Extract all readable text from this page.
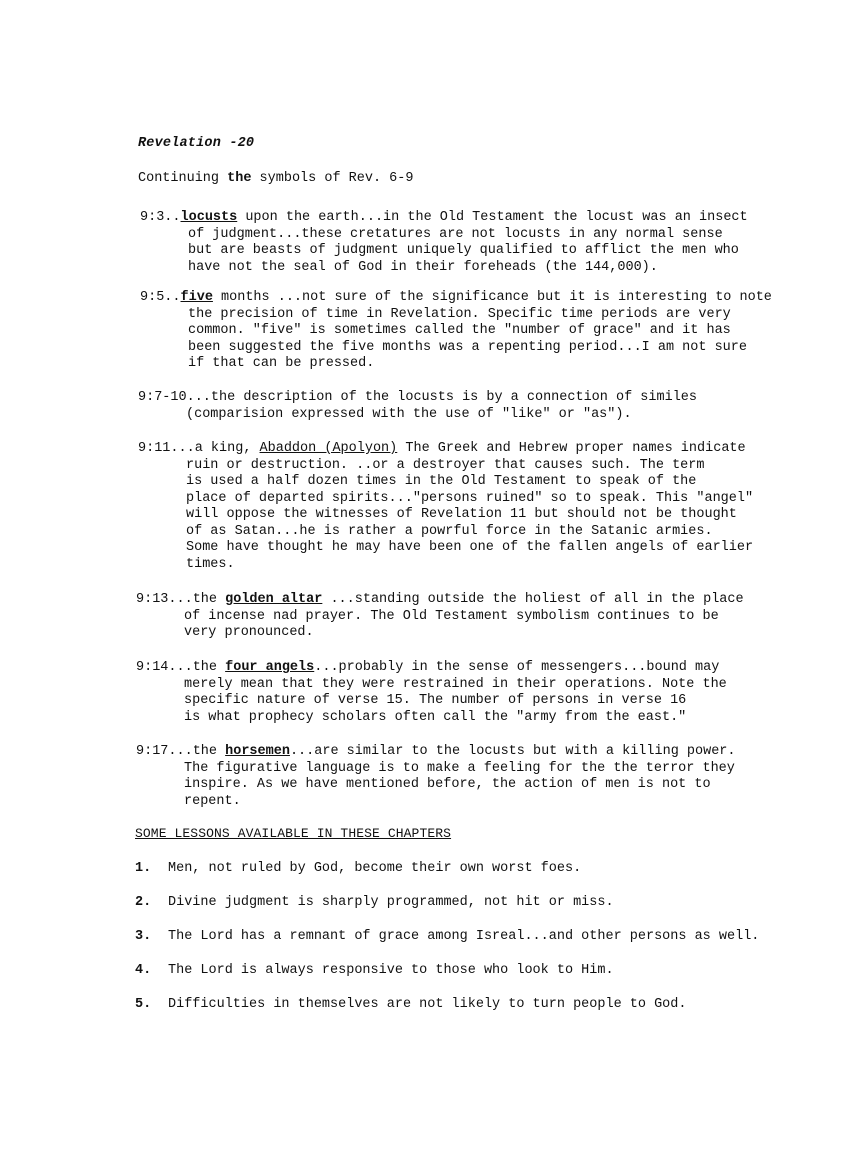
Revelation -20
Continuing the symbols of Rev. 6-9
9:3..locusts upon the earth...in the Old Testament the locust was an insect
of judgment...these cretatures are not locusts in any normal sense
but are beasts of judgment uniquely qualified to afflict the men who
have not the seal of God in their foreheads (the 144,000).
9:5..five months ...not sure of the significance but it is interesting to note
the precision of time in Revelation. Specific time periods are very
common. "five" is sometimes called the "number of grace" and it has
been suggested the five months was a repenting period...I am not sure
if that can be pressed.
9:7-10...the description of the locusts is by a connection of similes
(comparision expressed with the use of "like" or "as").
9:11...a king, Abaddon (Apolyon) The Greek and Hebrew proper names indicate
ruin or destruction. ..or a destroyer that causes such. The term
is used a half dozen times in the Old Testament to speak of the
place of departed spirits..."persons ruined" so to speak. This "angel"
will oppose the witnesses of Revelation 11 but should not be thought
of as Satan...he is rather a powrful force in the Satanic armies.
Some have thought he may have been one of the fallen angels of earlier
times.
9:13...the golden altar ...standing outside the holiest of all in the place
of incense nad prayer. The Old Testament symbolism continues to be
very pronounced.
9:14...the four angels...probably in the sense of messengers...bound may
merely mean that they were restrained in their operations. Note the
specific nature of verse 15. The number of persons in verse 16
is what prophecy scholars often call the "army from the east."
9:17...the horsemen...are similar to the locusts but with a killing power.
The figurative language is to make a feeling for the the terror they
inspire. As we have mentioned before, the action of men is not to
repent.
SOME LESSONS AVAILABLE IN THESE CHAPTERS
1. Men, not ruled by God, become their own worst foes.
2. Divine judgment is sharply programmed, not hit or miss.
3. The Lord has a remnant of grace among Isreal...and other persons as well.
4. The Lord is always responsive to those who look to Him.
5. Difficulties in themselves are not likely to turn people to God.
